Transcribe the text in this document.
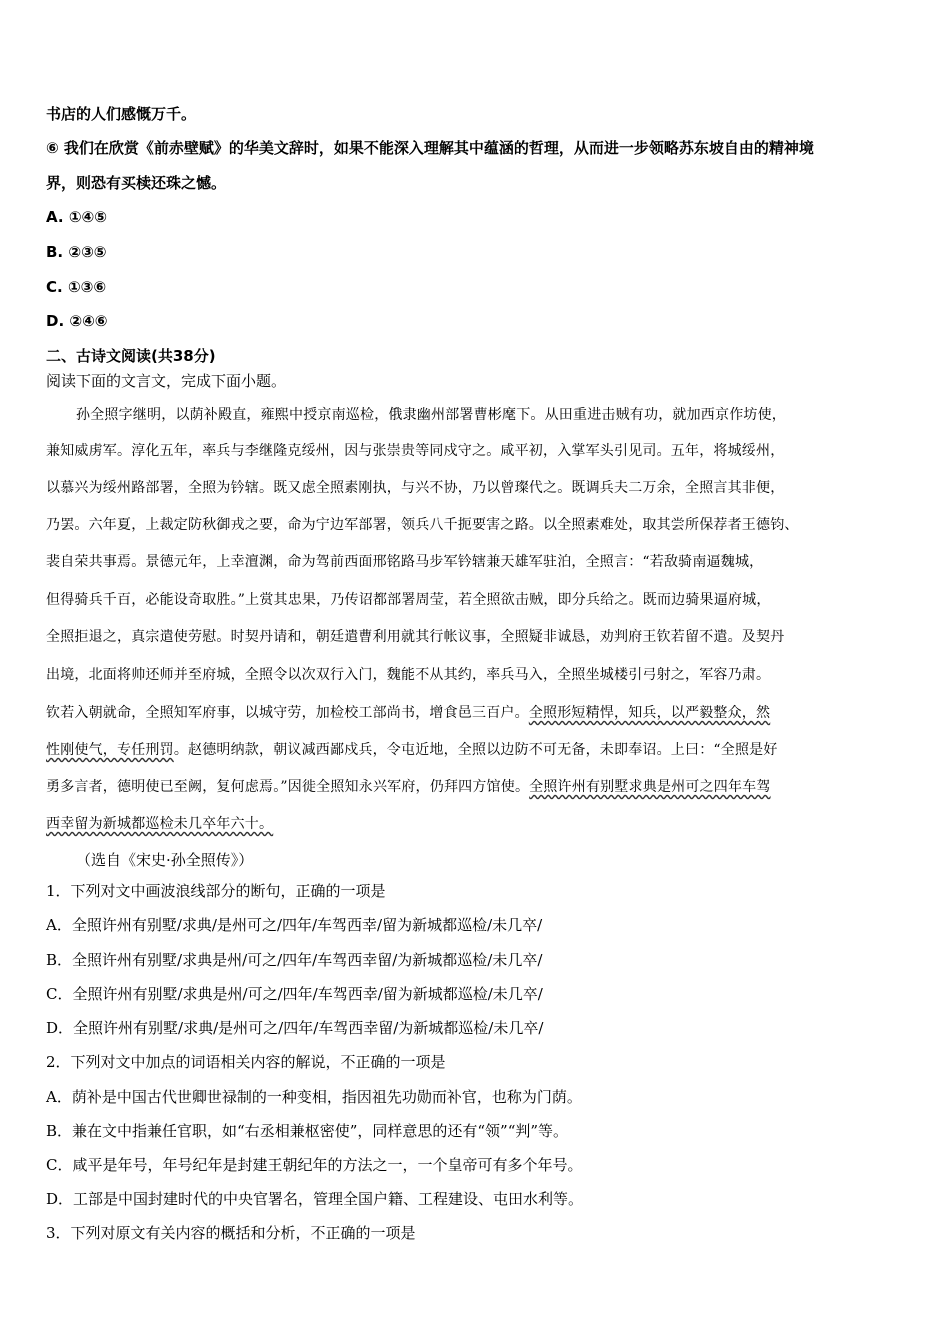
书店的人们感慨万千。
⑥ 我们在欣赏《前赤壁赋》的华美文辞时，如果不能深入理解其中蕴涵的哲理，从而进一步领略苏东坡自由的精神境
界，则恐有买椟还珠之憾。
A. ①④⑤
B. ②③⑤
C. ①③⑥
D. ②④⑥
二、古诗文阅读(共38分)
阅读下面的文言文，完成下面小题。
孙全照字继明，以荫补殿直，雍熙中授京南巡检，俄隶幽州部署曹彬麾下。从田重进击贼有功，就加西京作坊使，
兼知威虏军。淳化五年，率兵与李继隆克绥州，因与张崇贵等同戍守之。咸平初，入掌军头引见司。五年，将城绥州，
以慕兴为绥州路部署，全照为钤辖。既又虑全照素刚执，与兴不协，乃以曾璨代之。既调兵夫二万余，全照言其非便，
乃罢。六年夏，上裁定防秋御戎之要，命为宁边军部署，领兵八千扼要害之路。以全照素难处，取其尝所保荐者王德钧、
裴自荣共事焉。景德元年，上幸澶渊，命为驾前西面邢铭路马步军钤辖兼天雄军驻泊，全照言：“若敌骑南逼魏城，
但得骑兵千百，必能设奇取胜。”上赏其忠果，乃传诏都部署周莹，若全照欲击贼，即分兵给之。既而边骑果逼府城，
全照拒退之，真宗遣使劳慰。时契丹请和，朝廷遣曹利用就其行帐议事，全照疑非诚恳，劝判府王钦若留不遣。及契丹
出境，北面将帅还师并至府城，全照令以次双行入门，魏能不从其约，率兵马入，全照坐城楼引弓射之，军容乃肃。
钦若入朝就命，全照知军府事，以城守劳，加检校工部尚书，增食邑三百户。全照形短精悍，知兵，以严毅整众，然
性刚使气，专任刑罚。赵德明纳款，朝议减西鄙戍兵，令屯近地，全照以边防不可无备，未即奉诏。上曰：“全照是好
勇多言者，德明使已至阙，复何虑焉。”因徙全照知永兴军府，仍拜四方馆使。全照许州有别墅求典是州可之四年车驾
西幸留为新城都巡检未几卒年六十。
（选自《宋史·孙全照传》）
1．下列对文中画波浪线部分的断句，正确的一项是
A．全照许州有别墅/求典/是州可之/四年/车驾西幸/留为新城都巡检/未几卒/
B．全照许州有别墅/求典是州/可之/四年/车驾西幸留/为新城都巡检/未几卒/
C．全照许州有别墅/求典是州/可之/四年/车驾西幸/留为新城都巡检/未几卒/
D．全照许州有别墅/求典/是州可之/四年/车驾西幸留/为新城都巡检/未几卒/
2．下列对文中加点的词语相关内容的解说，不正确的一项是
A．荫补是中国古代世卿世禄制的一种变相，指因祖先功勋而补官，也称为门荫。
B．兼在文中指兼任官职，如“右丞相兼枢密使”，同样意思的还有“领”“判”等。
C．咸平是年号，年号纪年是封建王朝纪年的方法之一，一个皇帝可有多个年号。
D．工部是中国封建时代的中央官署名，管理全国户籍、工程建设、屯田水利等。
3．下列对原文有关内容的概括和分析，不正确的一项是
